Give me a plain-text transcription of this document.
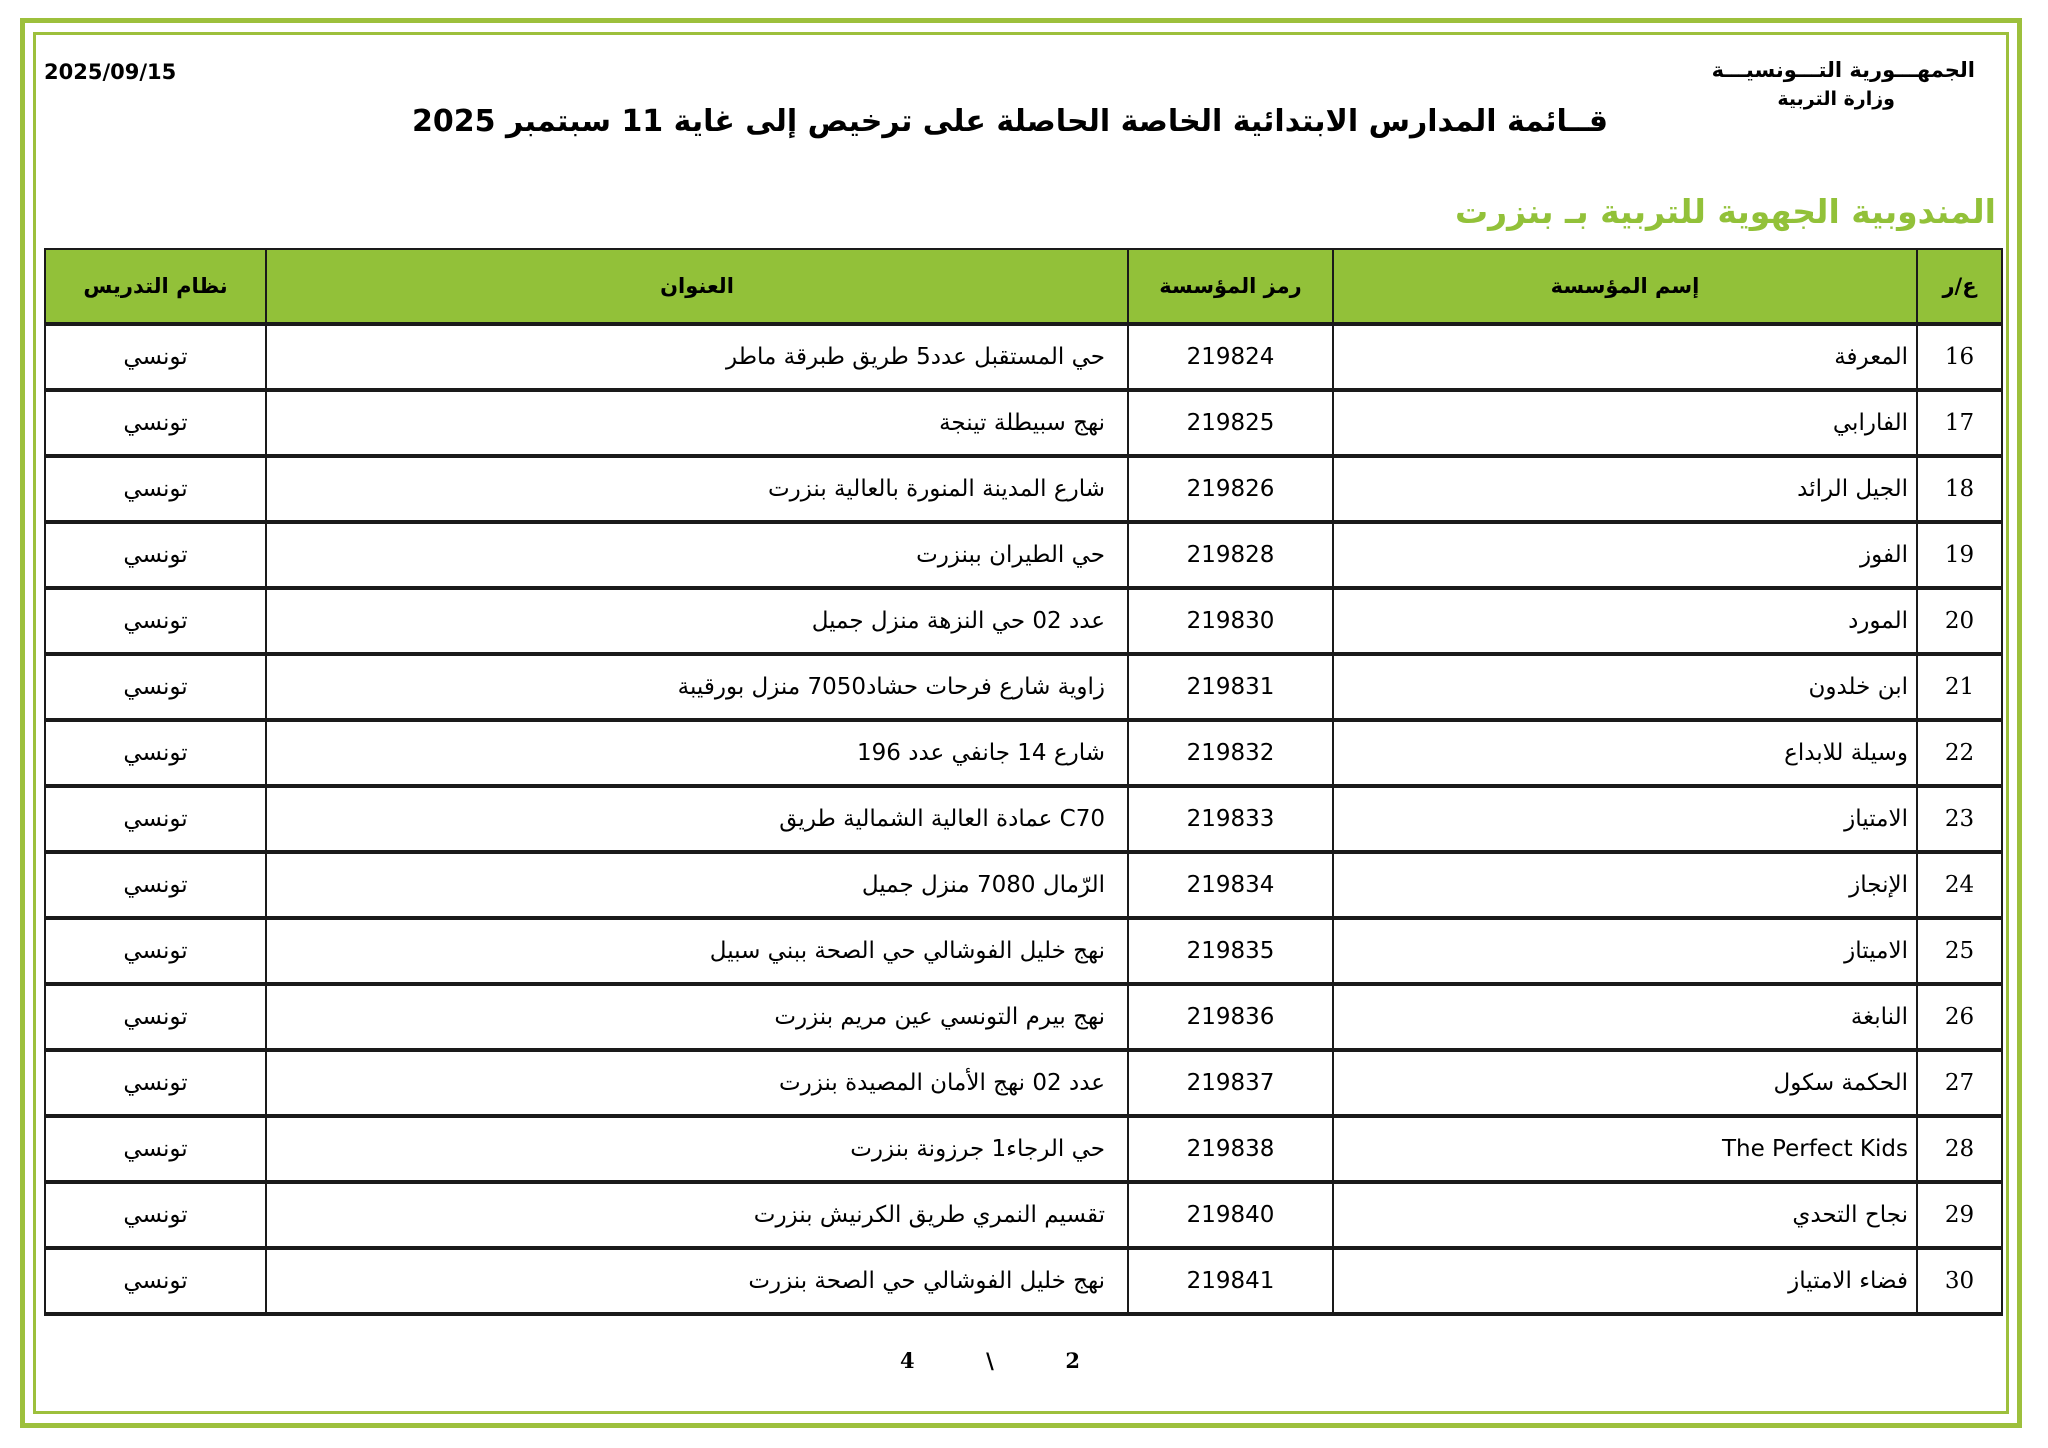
2025/09/15	الجمهـــورية التـــونسيـــة
وزارة التربية
قــائمة المدارس الابتدائية الخاصة الحاصلة على ترخيص إلى غاية 11 سبتمبر 2025
المندوبية الجهوية للتربية بـ بنزرت
ع/ر	إسم المؤسسة	رمز المؤسسة	العنوان	نظام التدريس
16	المعرفة	219824	حي المستقبل عدد5 طريق طبرقة ماطر	تونسي
17	الفارابي	219825	نهج سبيطلة تينجة	تونسي
18	الجيل الرائد	219826	شارع المدينة المنورة بالعالية بنزرت	تونسي
19	الفوز	219828	حي الطيران ببنزرت	تونسي
20	المورد	219830	عدد 02 حي النزهة منزل جميل	تونسي
21	ابن خلدون	219831	زاوية شارع فرحات حشاد7050 منزل بورقيبة	تونسي
22	وسيلة للابداع	219832	شارع 14 جانفي عدد 196	تونسي
23	الامتياز	219833	C70 عمادة العالية الشمالية طريق	تونسي
24	الإنجاز	219834	الرّمال 7080 منزل جميل	تونسي
25	الاميتاز	219835	نهج خليل الفوشالي حي الصحة ببني سبيل	تونسي
26	النابغة	219836	نهج بيرم التونسي عين مريم بنزرت	تونسي
27	الحكمة سكول	219837	عدد 02 نهج الأمان المصيدة بنزرت	تونسي
28	The Perfect Kids	219838	حي الرجاء1 جرزونة بنزرت	تونسي
29	نجاح التحدي	219840	تقسيم النمري طريق الكرنيش بنزرت	تونسي
30	فضاء الامتياز	219841	نهج خليل الفوشالي حي الصحة بنزرت	تونسي
4	\	2
